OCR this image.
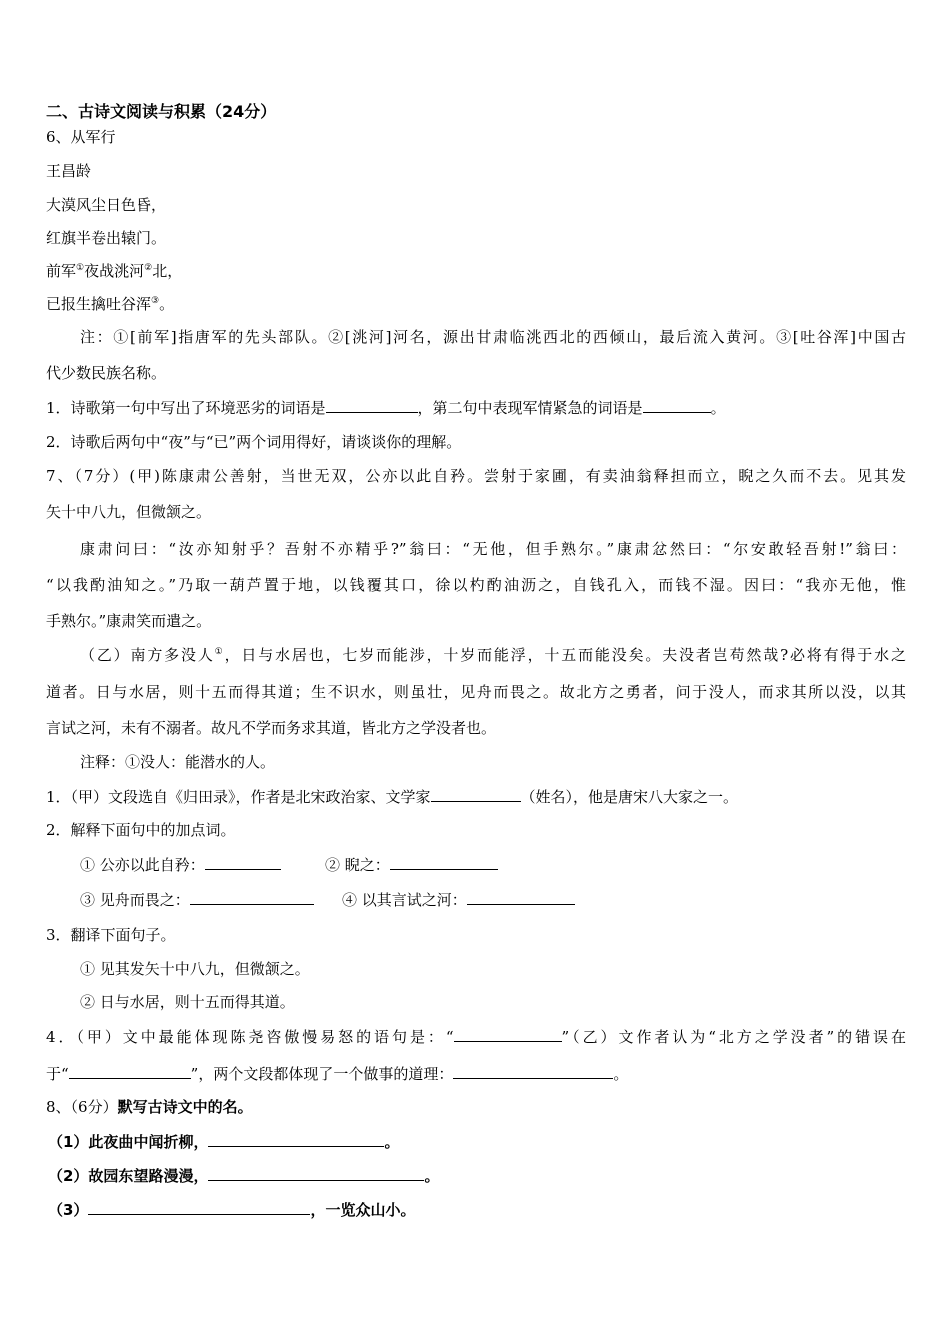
二、古诗文阅读与积累（24分）
6、从军行
王昌龄
大漠风尘日色昏，
红旗半卷出辕门。
前军①夜战洮河②北，
已报生擒吐谷浑③。
注：①[前军]指唐军的先头部队。②[洮河]河名，源出甘肃临洮西北的西倾山，最后流入黄河。③[吐谷浑]中国古
代少数民族名称。
1．诗歌第一句中写出了环境恶劣的词语是	，第二句中表现军情紧急的词语是	。
2．诗歌后两句中“夜”与“已”两个词用得好，请谈谈你的理解。
7、（7分）(甲)陈康肃公善射，当世无双，公亦以此自矜。尝射于家圃，有卖油翁释担而立，睨之久而不去。见其发
矢十中八九，但微颔之。
康肃问曰：“汝亦知射乎？吾射不亦精乎?”翁曰：“无他，但手熟尔。”康肃忿然曰：“尔安敢轻吾射!”翁曰：
“以我酌油知之。”乃取一葫芦置于地，以钱覆其口，徐以杓酌油沥之，自钱孔入，而钱不湿。因曰：“我亦无他，惟
手熟尔。”康肃笑而遣之。
（乙）南方多没人①，日与水居也，七岁而能涉，十岁而能浮，十五而能没矣。夫没者岂苟然哉?必将有得于水之
道者。日与水居，则十五而得其道；生不识水，则虽壮，见舟而畏之。故北方之勇者，问于没人，而求其所以没，以其
言试之河，未有不溺者。故凡不学而务求其道，皆北方之学没者也。
注释：①没人：能潜水的人。
1．（甲）文段选自《归田录》，作者是北宋政治家、文学家	（姓名），他是唐宋八大家之一。
2．解释下面句中的加点词。
① 公亦以此自矜：	② 睨之：
③ 见舟而畏之：	④ 以其言试之河：
3．翻译下面句子。
① 见其发矢十中八九，但微颔之。
② 日与水居，则十五而得其道。
4．（甲）文中最能体现陈尧咨傲慢易怒的语句是：“	”（乙）文作者认为“北方之学没者”的错误在
于“	”，两个文段都体现了一个做事的道理：	。
8、（6分）默写古诗文中的名。
（1）此夜曲中闻折柳，	。
（2）故园东望路漫漫，	。
（3）	，一览众山小。
